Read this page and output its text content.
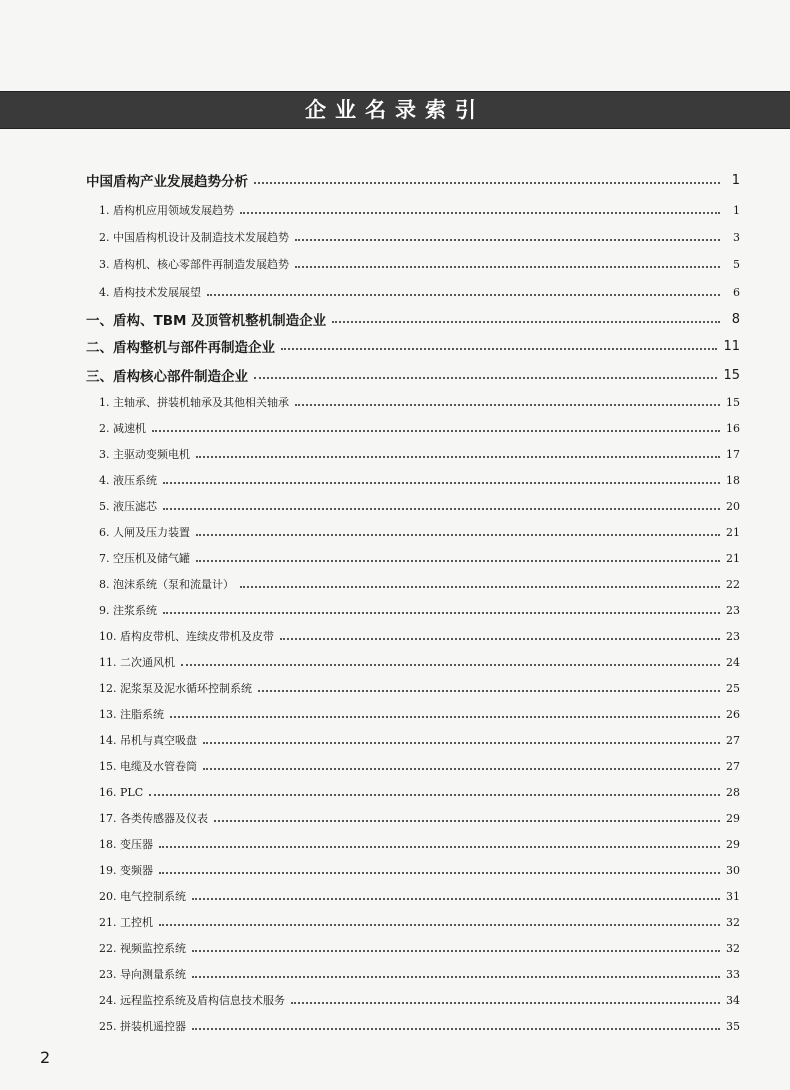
企业名录索引
中国盾构产业发展趋势分析	1
1. 盾构机应用领域发展趋势	1
2. 中国盾构机设计及制造技术发展趋势	3
3. 盾构机、核心零部件再制造发展趋势	5
4. 盾构技术发展展望	6
一、盾构、TBM 及顶管机整机制造企业	8
二、盾构整机与部件再制造企业	11
三、盾构核心部件制造企业	15
1. 主轴承、拼装机轴承及其他相关轴承	15
2. 减速机	16
3. 主驱动变频电机	17
4. 液压系统	18
5. 液压滤芯	20
6. 人闸及压力装置	21
7. 空压机及储气罐	21
8. 泡沫系统（泵和流量计）	22
9. 注浆系统	23
10. 盾构皮带机、连续皮带机及皮带	23
11. 二次通风机	24
12. 泥浆泵及泥水循环控制系统	25
13. 注脂系统	26
14. 吊机与真空吸盘	27
15. 电缆及水管卷筒	27
16. PLC	28
17. 各类传感器及仪表	29
18. 变压器	29
19. 变频器	30
20. 电气控制系统	31
21. 工控机	32
22. 视频监控系统	32
23. 导向测量系统	33
24. 远程监控系统及盾构信息技术服务	34
25. 拼装机遥控器	35
2
